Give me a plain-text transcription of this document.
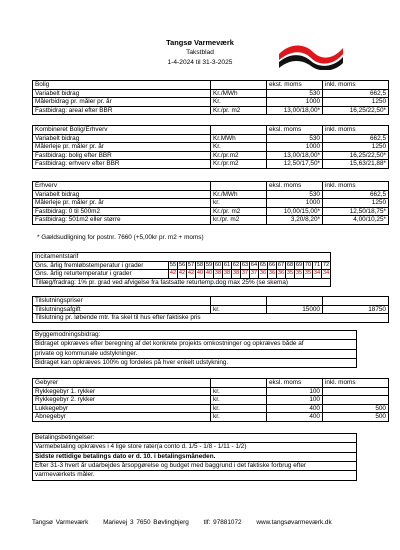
Tangsø Varmeværk
Takstblad
1-4-2024 til 31-3-2025
Bolig		ekst. moms	inkl. moms
Variabelt bidrag	Kr./MWh	530	662,5
Målerbidrag pr. måler pr. år	Kr.	1000	1250
Fastbidrag: areal efter BBR	Kr./pr. m2	13,00/18,00*	16,25/22,50*
Kombineret Bolig/Erhverv		eksl. moms	inkl. moms
Variabelt bidrag	Kr.MWh	530	662,5
Målerleje pr. måler pr. år	Kr.	1000	1250
Fastbidrag: bolig efter BBR	Kr./pr.m2	13,00/18,00*	16,25/22,50*
Fastbidrag: erhverv efter BBR	Kr./pr.m2	12,50/17,50*	15,63/21,88*
Erhverv		eksl. moms	inkl. moms
Variabelt bidrag	Kr./MWh	530	662,5
Målerleje pr. måler pr. år	kr.	1000	1250
Fastbidrag: 0 til 500m2	Kr./pr. m2	10,00/15,00*	12,50/18,75*
Fastbidrag: 501m2 eller større	kr./pr. m2	3,20/8,20*	4,00/10,25*
* Gældsudligning for postnr. 7660 (+5,00kr pr. m2 + moms)
Incitamentstarif																		
Gns. årlig fremløbstemperatur i grader	55	56	57	58	59	60	61	62	63	64	65	66	67	68	69	70	71	72
Gns. årlig returtemperatur i grader	42	42	42	40	40	38	38	38	37	37	36	36	36	35	35	35	34	34
Tillæg/fradrag: 1% pr. grad ved afvigelse fra fastsatte returtemp.dog max 25% (se skema)																		
Tilslutningspriser			
Tilslutningsafgift	kr.	15000	18750
Tilslutning pr. løbende mtr. fra skel til hus efter faktiske pris			
Byggemodningsbidrag:
Bidraget opkræves efter beregning af det konkrete projekts omkostninger og opkræves både af
private og kommunale udstykninger.
Bidraget kan opkræves 100% og fordeles på hver enkelt udstykning.
Gebyrer		eksl. moms	inkl. moms
Rykkegebyr 1. rykker	kr.	100	
Rykkegebyr 2. rykker	kr.	100	
Lukkegebyr	kr.	400	500
Åbnegebyr	kr.	400	500
Betalingsbetingelser:
Varmebetaling opkræves i 4 lige store rater(a conto d. 1/5 - 1/8 - 1/11 - 1/2)
Sidste rettidige betalings dato er d. 10. i betalingsmåneden.
Efter 31-3 hvert år udarbejdes årsopgørelse og budget med baggrund i det faktiske forbrug efter
varmeværkets måler.
Tangsø Varmeværk Marievej 3 7650 Bøvlingbjerg tlf: 97881072 www.tangsøvarmeværk.dk
